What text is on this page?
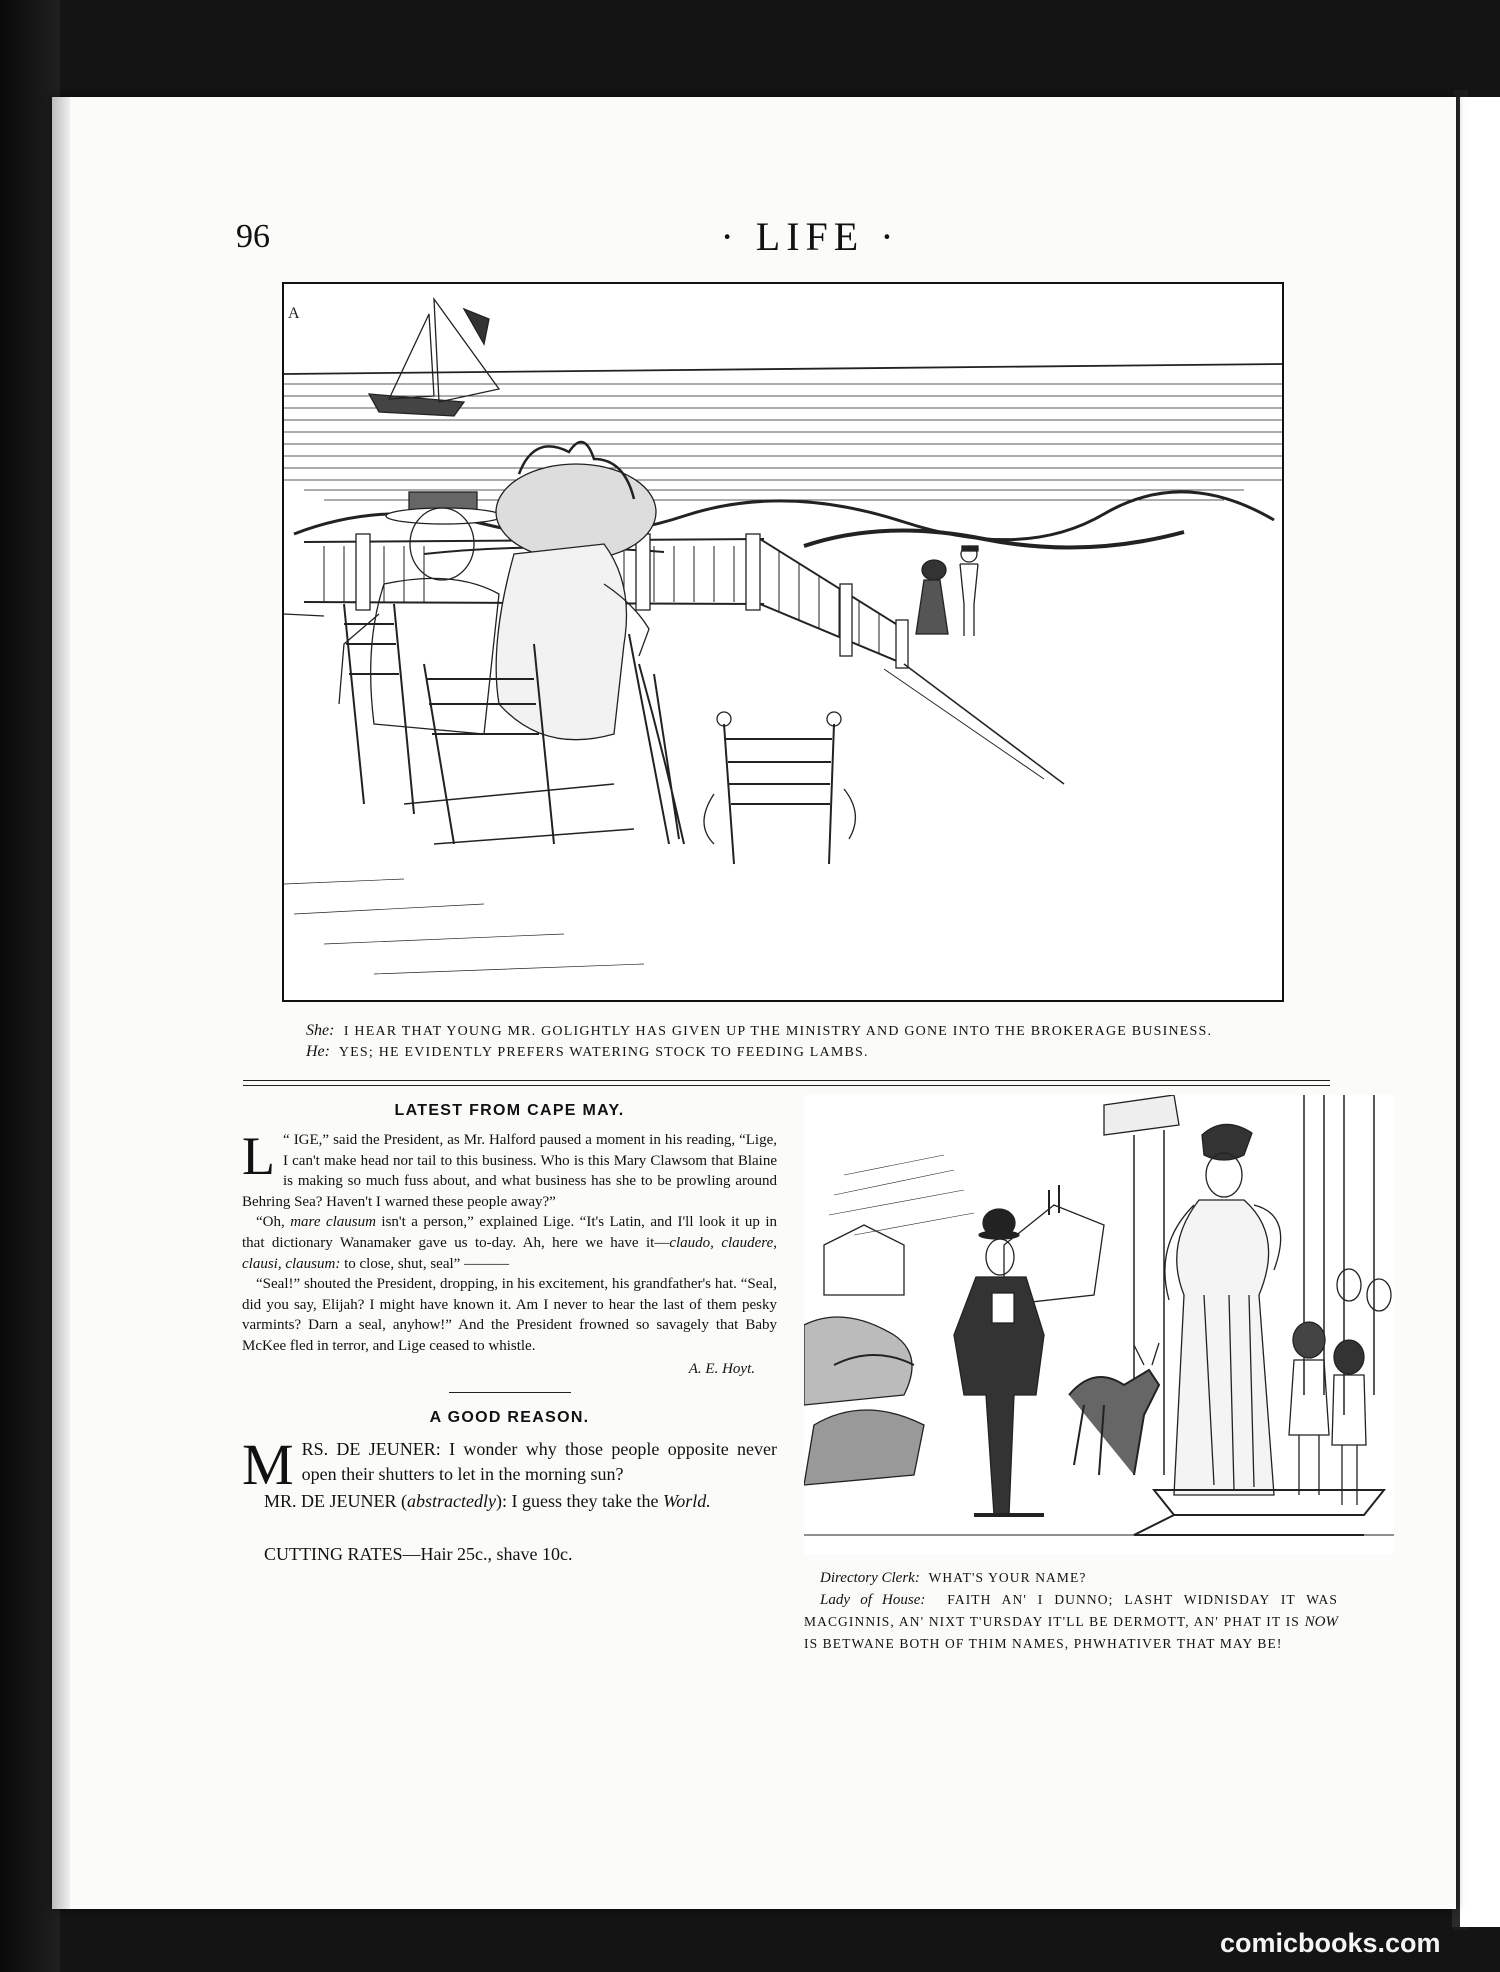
96	· LIFE ·
A
She: I HEAR THAT YOUNG MR. GOLIGHTLY HAS GIVEN UP THE MINISTRY AND GONE INTO THE BROKERAGE BUSINESS.
He: YES; HE EVIDENTLY PREFERS WATERING STOCK TO FEEDING LAMBS.
LATEST FROM CAPE MAY.

“
L IGE,” said the President, as Mr. Halford paused a moment in his reading, “Lige, I can't make head nor tail to this business. Who is this Mary Clawsom that Blaine is making so much fuss about, and what business has she to be prowling around Behring Sea? Haven't I warned these people away?”

“Oh, mare clausum isn't a person,” explained Lige. “It's Latin, and I'll look it up in that dictionary Wanamaker gave us to-day. Ah, here we have it—claudo, claudere, clausi, clausum: to close, shut, seal” ———

“Seal!” shouted the President, dropping, in his excitement, his grandfather's hat. “Seal, did you say, Elijah? I might have known it. Am I never to hear the last of them pesky varmints? Darn a seal, anyhow!” And the President frowned so savagely that Baby McKee fled in terror, and Lige ceased to whistle.

A. E. Hoyt.
A GOOD REASON.

M RS. DE JEUNER: I wonder why those people opposite never open their shutters to let in the morning sun?

MR. DE JEUNER (abstractedly): I guess they take the World.

CUTTING RATES—Hair 25c., shave 10c.
Directory Clerk: WHAT'S YOUR NAME?
Lady of House: FAITH AN' I DUNNO; LASHT WIDNISDAY IT WAS MACGINNIS, AN' NIXT T'URSDAY IT'LL BE DERMOTT, AN' PHAT IT IS NOW IS BETWANE BOTH OF THIM NAMES, PHWHATIVER THAT MAY BE!
comicbooks.com
